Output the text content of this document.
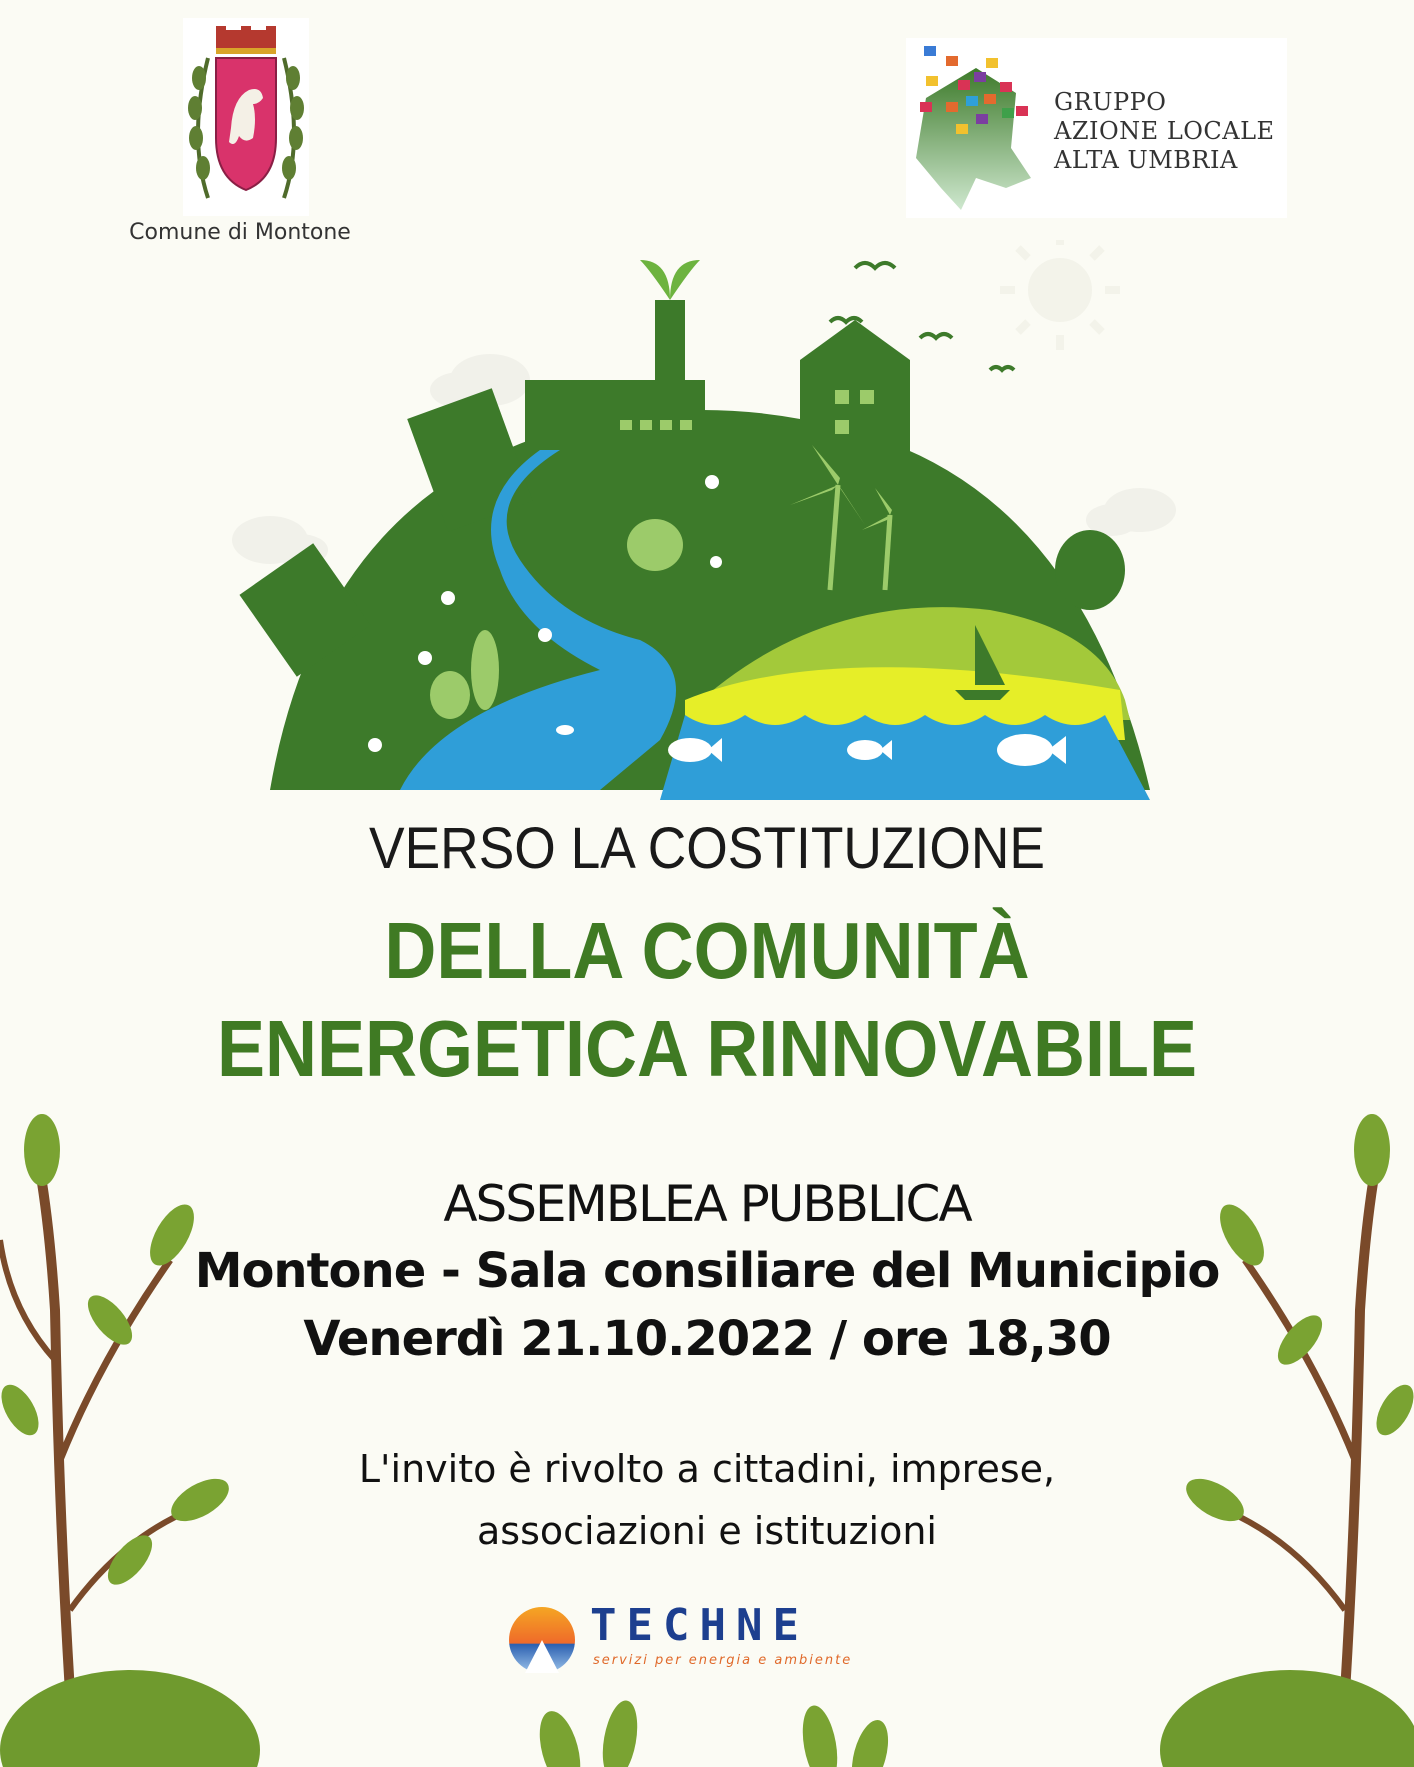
Comune di Montone
GRUPPO
AZIONE LOCALE
ALTA UMBRIA
VERSO LA COSTITUZIONE
DELLA COMUNITÀ
ENERGETICA RINNOVABILE
ASSEMBLEA PUBBLICA
Montone - Sala consiliare del Municipio
Venerdì 21.10.2022 / ore 18,30
L'invito è rivolto a cittadini, imprese,
associazioni e istituzioni
TECHNE
servizi per energia e ambiente
